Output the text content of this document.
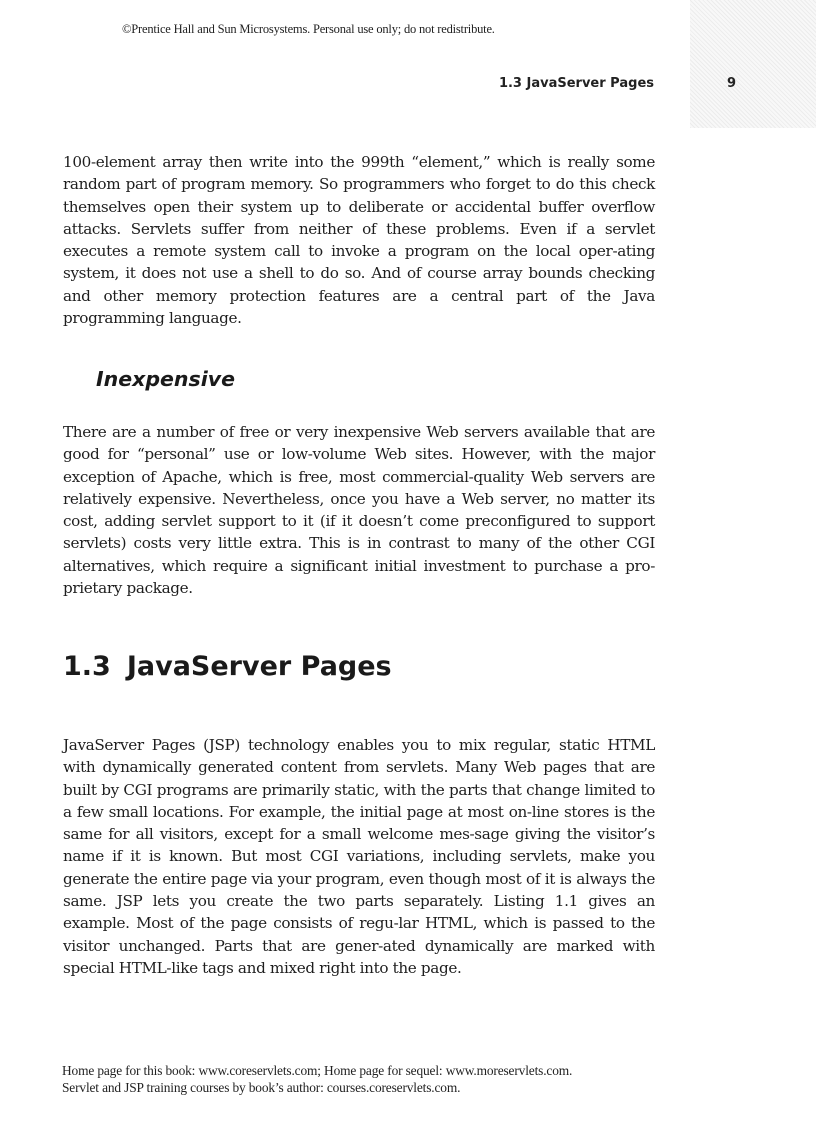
©Prentice Hall and Sun Microsystems. Personal use only; do not redistribute.
1.3 JavaServer Pages	9

100-element array then write into the 999th “element,” which is really some random part of program memory. So programmers who forget to do this check themselves open their system up to deliberate or accidental buffer overflow attacks. Servlets suffer from neither of these problems. Even if a servlet executes a remote system call to invoke a program on the local oper-ating system, it does not use a shell to do so. And of course array bounds checking and other memory protection features are a central part of the Java programming language.

Inexpensive

There are a number of free or very inexpensive Web servers available that are good for “personal” use or low-volume Web sites. However, with the major exception of Apache, which is free, most commercial-quality Web servers are relatively expensive. Nevertheless, once you have a Web server, no matter its cost, adding servlet support to it (if it doesn’t come preconfigured to support servlets) costs very little extra. This is in contrast to many of the other CGI alternatives, which require a significant initial investment to purchase a pro-prietary package.

1.3 JavaServer Pages

JavaServer Pages (JSP) technology enables you to mix regular, static HTML with dynamically generated content from servlets. Many Web pages that are built by CGI programs are primarily static, with the parts that change limited to a few small locations. For example, the initial page at most on-line stores is the same for all visitors, except for a small welcome mes-sage giving the visitor’s name if it is known. But most CGI variations, including servlets, make you generate the entire page via your program, even though most of it is always the same. JSP lets you create the two parts separately. Listing 1.1 gives an example. Most of the page consists of regu-lar HTML, which is passed to the visitor unchanged. Parts that are gener-ated dynamically are marked with special HTML-like tags and mixed right into the page.

Home page for this book: www.coreservlets.com; Home page for sequel: www.moreservlets.com.
Servlet and JSP training courses by book’s author: courses.coreservlets.com.
